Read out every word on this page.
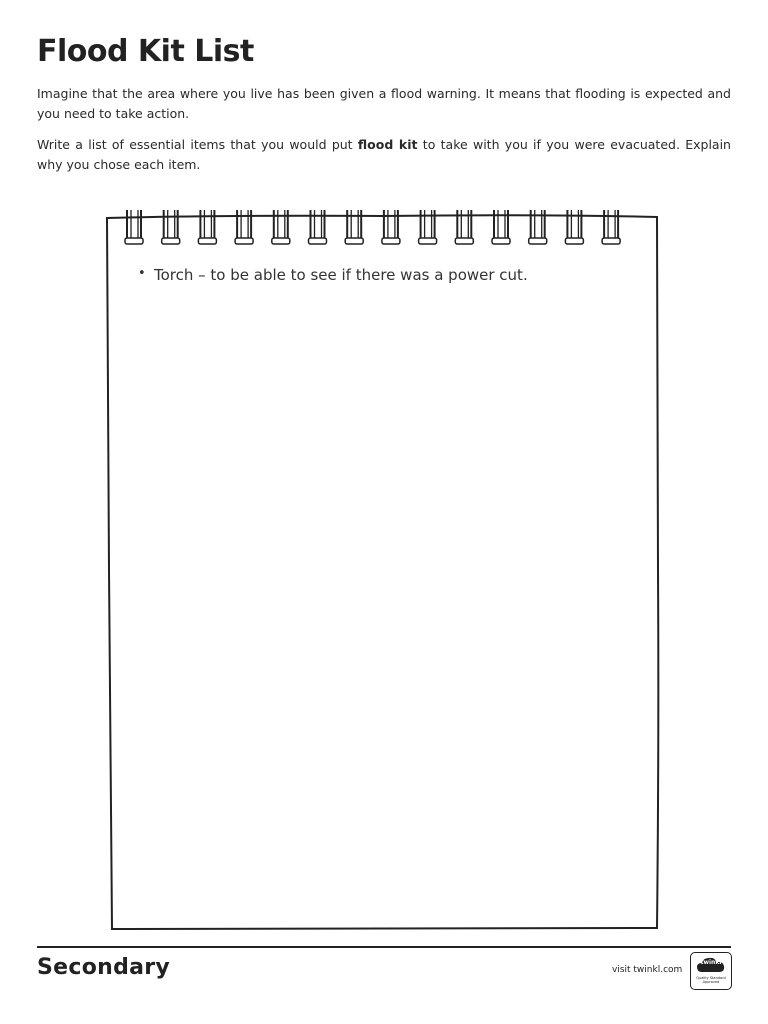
Flood Kit List

Imagine that the area where you live has been given a flood warning. It means that flooding is expected and you need to take action.

Write a list of essential items that you would put flood kit to take with you if you were evacuated. Explain why you chose each item.

• Torch – to be able to see if there was a power cut.
Secondary	visit twinkl.com
twinkl
Quality Standard
Approved
